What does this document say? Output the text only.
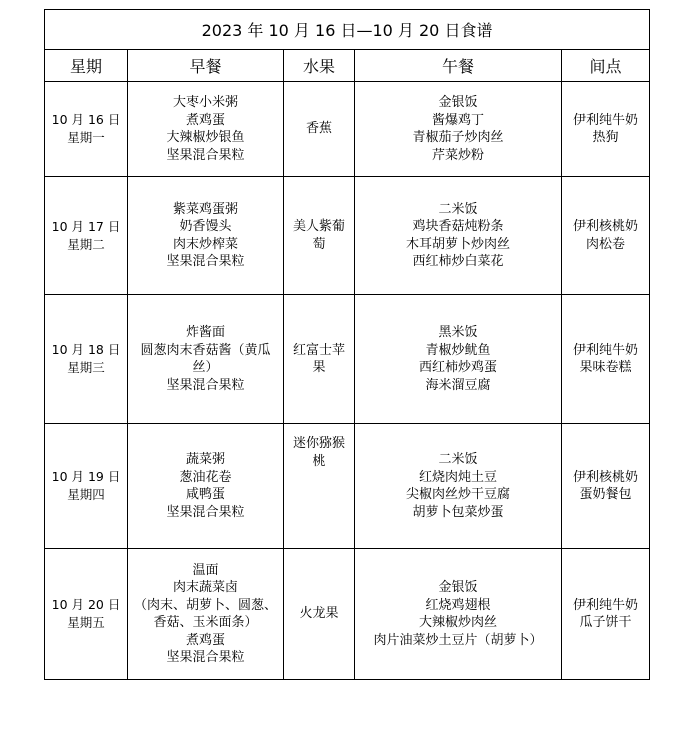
2023 年 10 月 16 日—10 月 20 日食谱				
星期	早餐	水果	午餐	间点

10 月 16 日
星期一	大枣小米粥
煮鸡蛋
大辣椒炒银鱼
坚果混合果粒	香蕉	金银饭
酱爆鸡丁
青椒茄子炒肉丝
芹菜炒粉	伊利纯牛奶
热狗

10 月 17 日
星期二	紫菜鸡蛋粥
奶香馒头
肉末炒榨菜
坚果混合果粒	美人紫葡萄	二米饭
鸡块香菇炖粉条
木耳胡萝卜炒肉丝
西红柿炒白菜花	伊利核桃奶
肉松卷

10 月 18 日
星期三	炸酱面
圆葱肉末香菇酱（黄瓜丝）
坚果混合果粒	红富士苹果	黑米饭
青椒炒鱿鱼
西红柿炒鸡蛋
海米溜豆腐	伊利纯牛奶
果味卷糕

10 月 19 日
星期四	蔬菜粥
葱油花卷
咸鸭蛋
坚果混合果粒	迷你猕猴桃	二米饭
红烧肉炖土豆
尖椒肉丝炒干豆腐
胡萝卜包菜炒蛋	伊利核桃奶
蛋奶餐包

10 月 20 日
星期五	温面
肉末蔬菜卤
（肉末、胡萝卜、圆葱、香菇、玉米面条）
煮鸡蛋
坚果混合果粒	火龙果	金银饭
红烧鸡翅根
大辣椒炒肉丝
肉片油菜炒土豆片（胡萝卜）	伊利纯牛奶
瓜子饼干
